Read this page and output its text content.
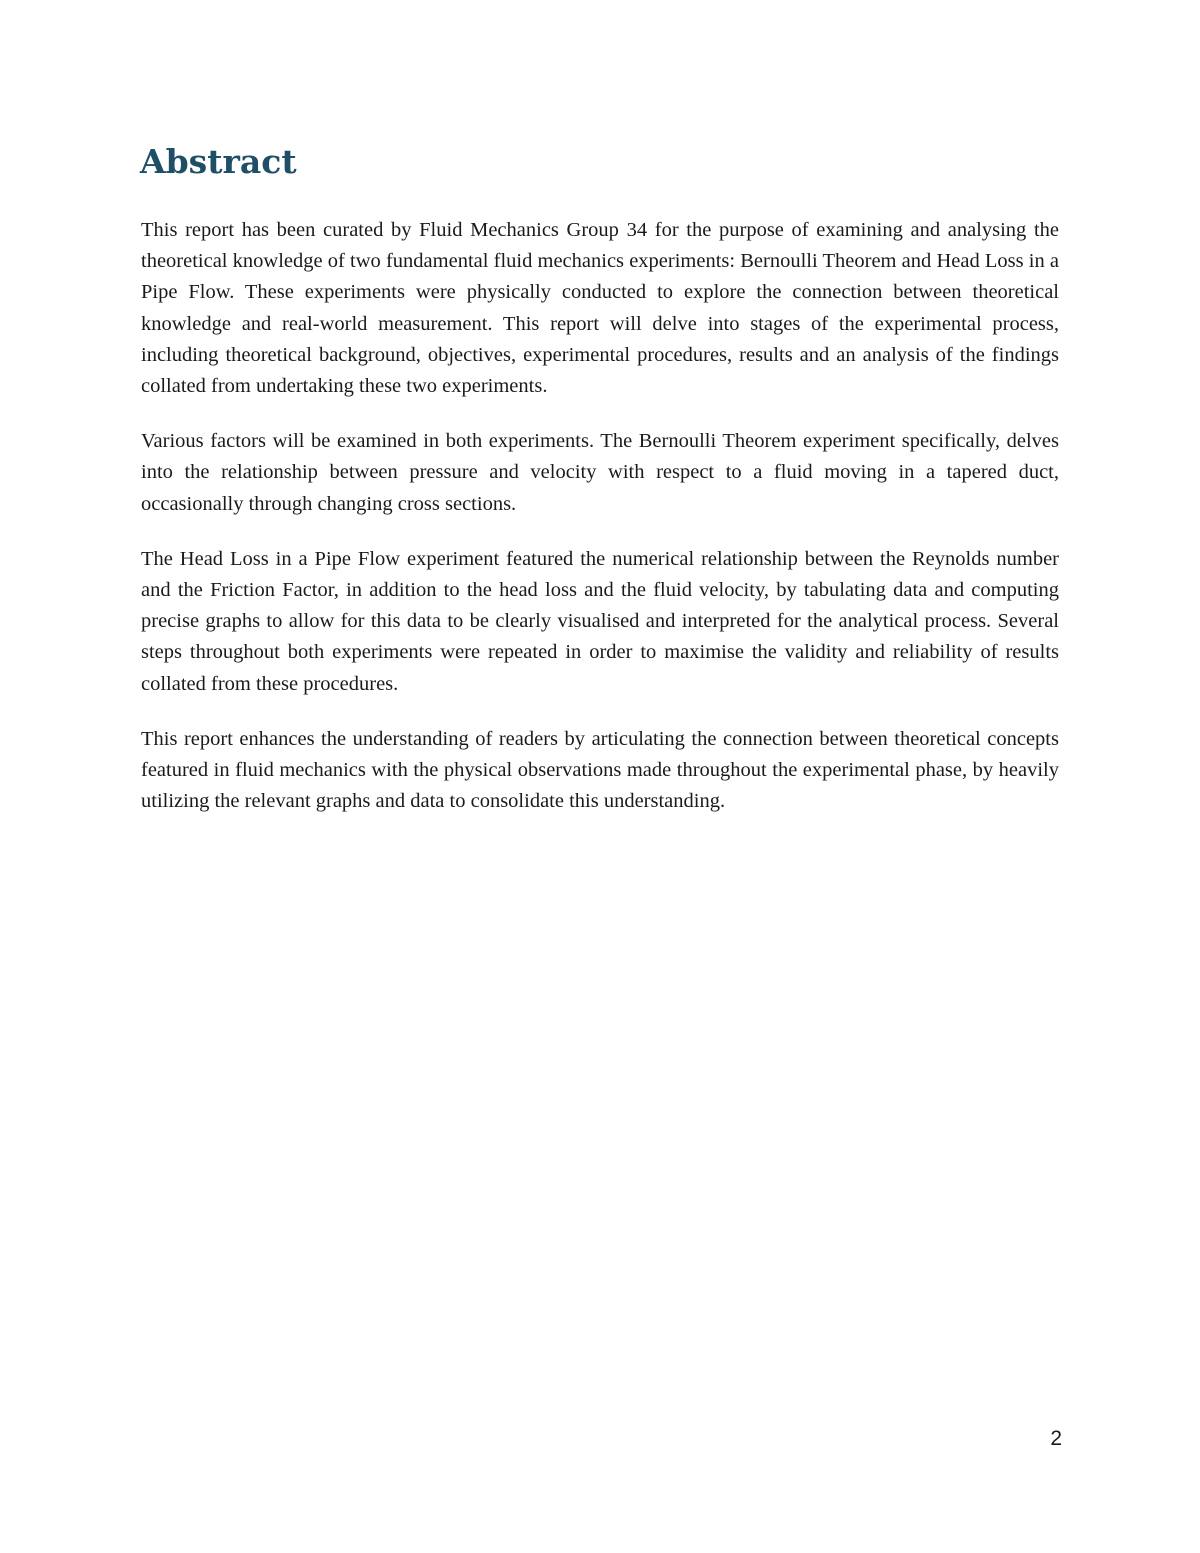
Abstract

This report has been curated by Fluid Mechanics Group 34 for the purpose of examining and analysing the theoretical knowledge of two fundamental fluid mechanics experiments: Bernoulli Theorem and Head Loss in a Pipe Flow. These experiments were physically conducted to explore the connection between theoretical knowledge and real-world measurement. This report will delve into stages of the experimental process, including theoretical background, objectives, experimental procedures, results and an analysis of the findings collated from undertaking these two experiments.

Various factors will be examined in both experiments. The Bernoulli Theorem experiment specifically, delves into the relationship between pressure and velocity with respect to a fluid moving in a tapered duct, occasionally through changing cross sections.

The Head Loss in a Pipe Flow experiment featured the numerical relationship between the Reynolds number and the Friction Factor, in addition to the head loss and the fluid velocity, by tabulating data and computing precise graphs to allow for this data to be clearly visualised and interpreted for the analytical process. Several steps throughout both experiments were repeated in order to maximise the validity and reliability of results collated from these procedures.

This report enhances the understanding of readers by articulating the connection between theoretical concepts featured in fluid mechanics with the physical observations made throughout the experimental phase, by heavily utilizing the relevant graphs and data to consolidate this understanding.

2
